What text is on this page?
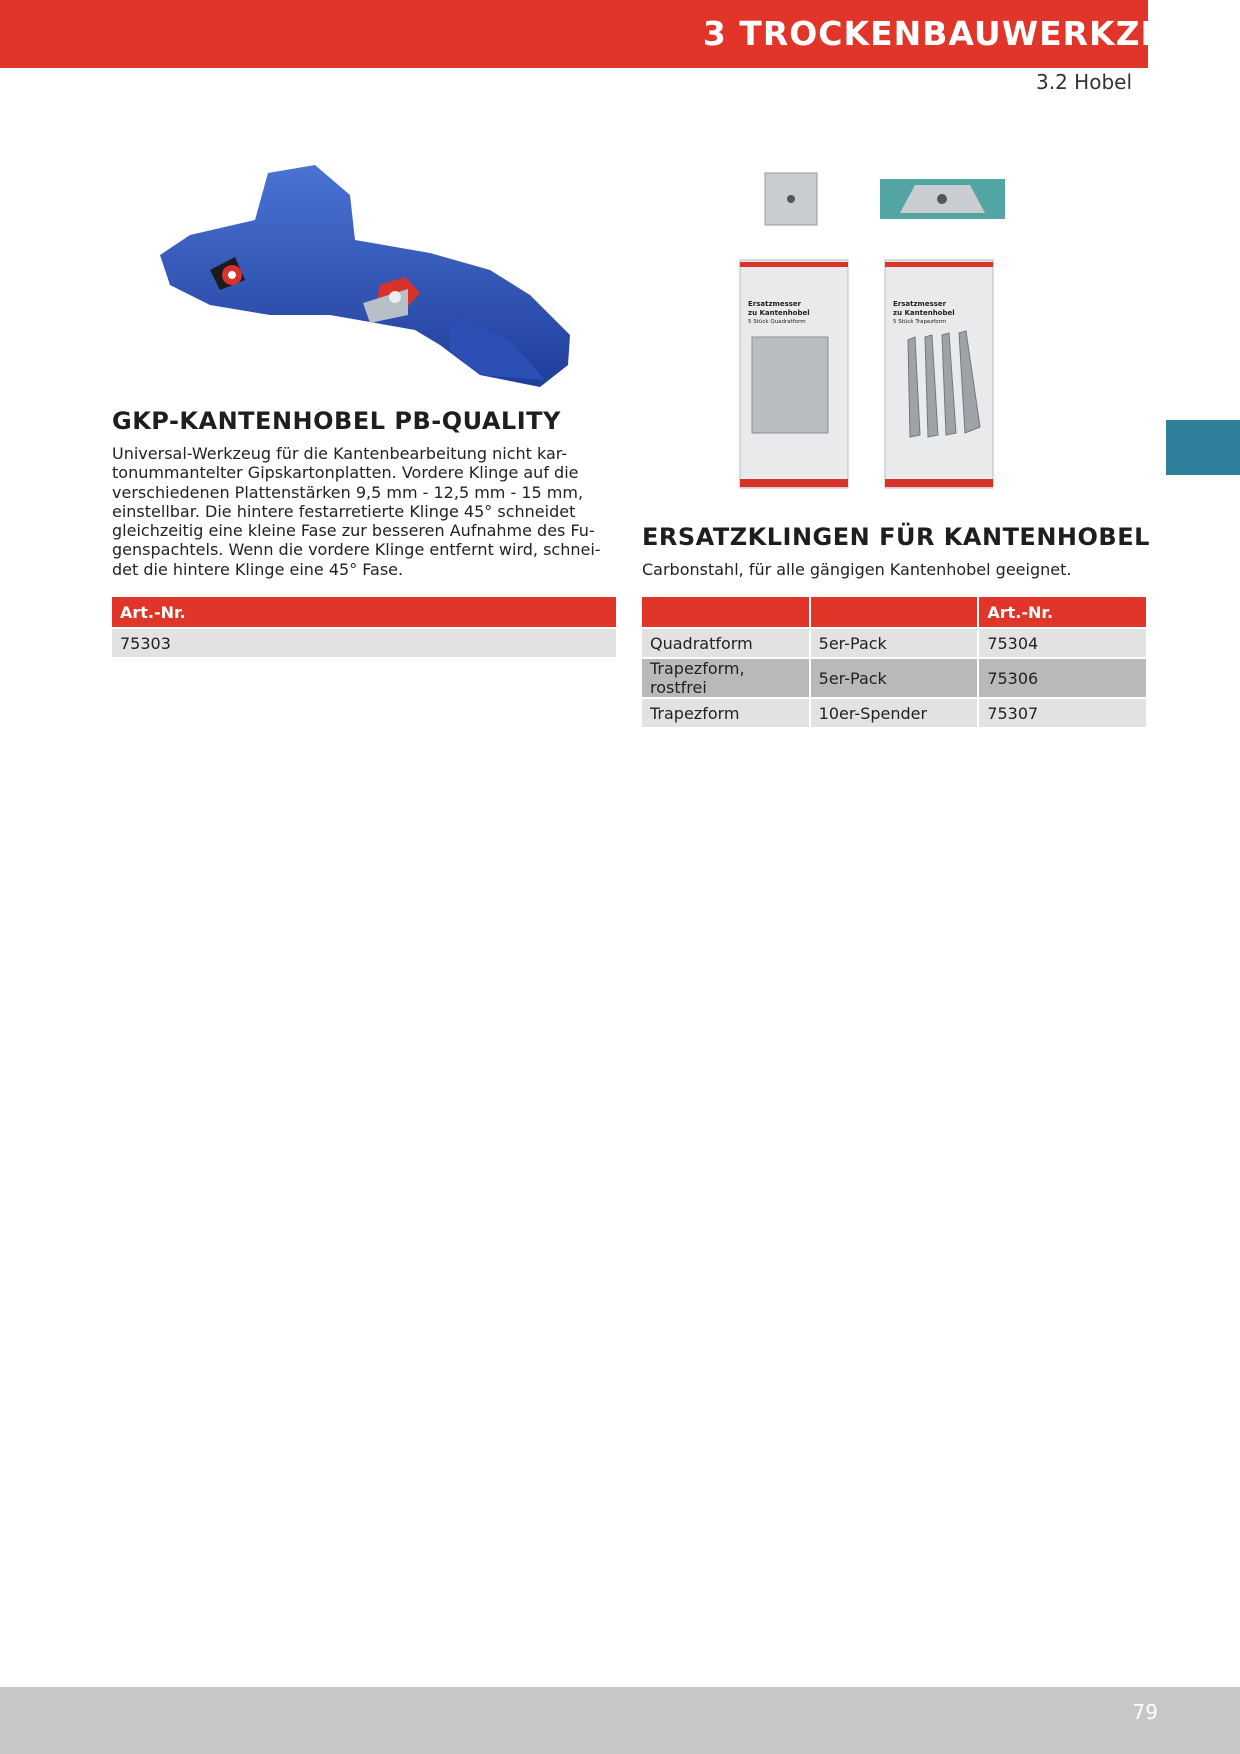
3 TROCKENBAUWERKZEUG
3.2 Hobel
Ersatzmesser
zu Kantenhobel
5 Stück Quadratform
Ersatzmesser
zu Kantenhobel
5 Stück Trapezform
GKP-KANTENHOBEL PB-QUALITY

Universal-Werkzeug für die Kantenbearbeitung nicht kar-
tonummantelter Gipskartonplatten. Vordere Klinge auf die
verschiedenen Plattenstärken 9,5 mm - 12,5 mm - 15 mm,
einstellbar. Die hintere festarretierte Klinge 45° schneidet
gleichzeitig eine kleine Fase zur besseren Aufnahme des Fu-
genspachtels. Wenn die vordere Klinge entfernt wird, schnei-
det die hintere Klinge eine 45° Fase.

ERSATZKLINGEN FÜR KANTENHOBEL

Carbonstahl, für alle gängigen Kantenhobel geeignet.

Art.-Nr.
75303
		Art.-Nr.
Quadratform	5er-Pack	75304
Trapezform, rostfrei	5er-Pack	75306
Trapezform	10er-Spender	75307
79
